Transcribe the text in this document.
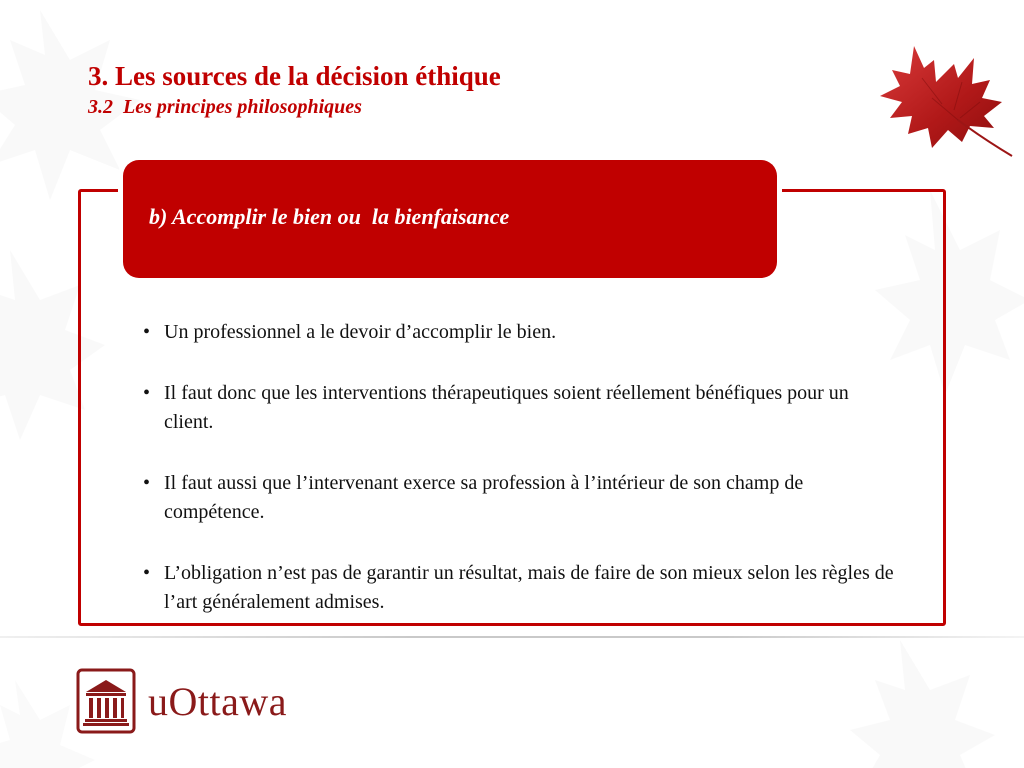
3. Les sources de la décision éthique
3.2  Les principes philosophiques
b) Accomplir le bien ou  la bienfaisance
• Un professionnel a le devoir d’accomplir le bien.
• Il faut donc que les interventions thérapeutiques soient réellement bénéfiques pour un client.
• Il faut aussi que l’intervenant exerce sa profession à l’intérieur de son champ de compétence.
• L’obligation n’est pas de garantir un résultat, mais de faire de son mieux selon les règles de l’art généralement admises.
uOttawa
